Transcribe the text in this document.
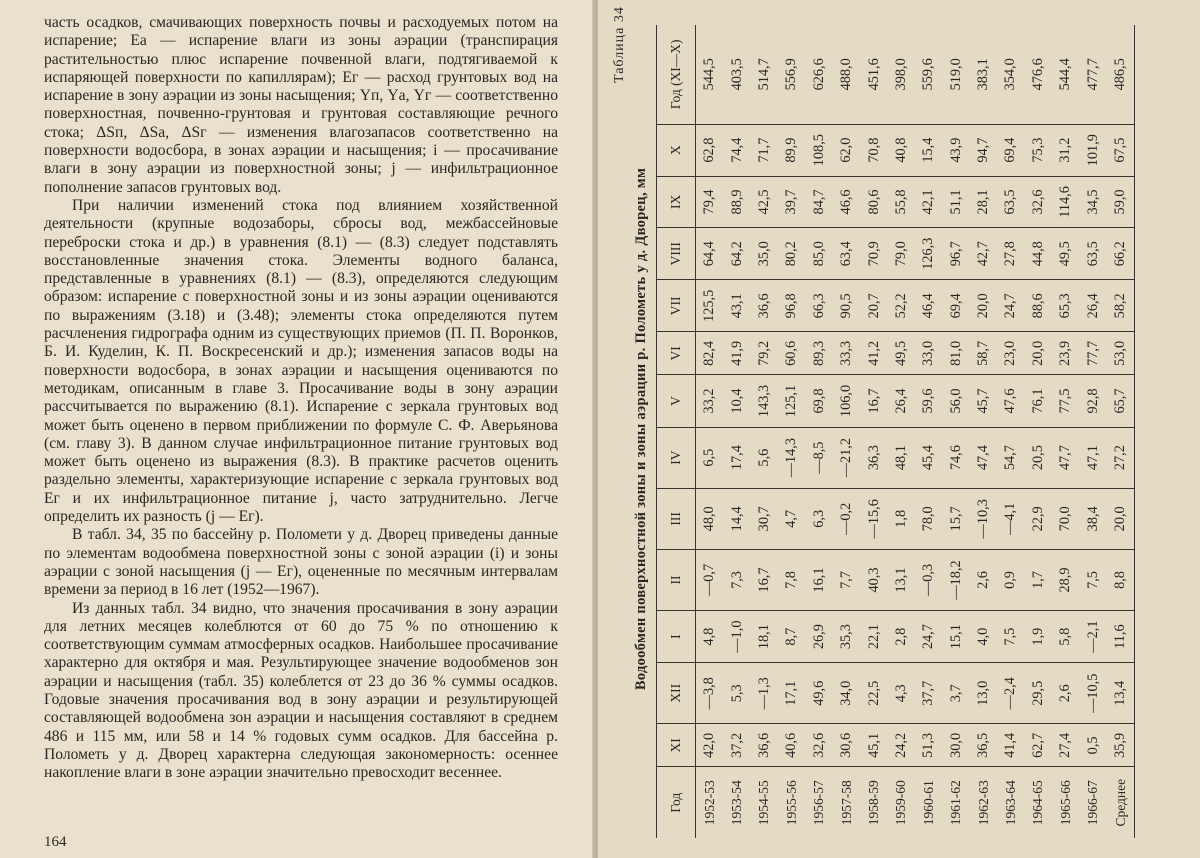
часть осадков, смачивающих поверхность почвы и расходуемых потом на испарение; Eа — испарение влаги из зоны аэрации (транспирация растительностью плюс испарение почвенной влаги, подтягиваемой к испаряющей поверхности по капиллярам); Eг — расход грунтовых вод на испарение в зону аэрации из зоны насыщения; Yп, Yа, Yг — соответственно поверхностная, почвенно-грунтовая и грунтовая составляющие речного стока; ΔSп, ΔSа, ΔSг — изменения влагозапасов соответственно на поверхности водосбора, в зонах аэрации и насыщения; i — просачивание влаги в зону аэрации из поверхностной зоны; j — инфильтрационное пополнение запасов грунтовых вод.

При наличии изменений стока под влиянием хозяйственной деятельности (крупные водозаборы, сбросы вод, межбассейновые переброски стока и др.) в уравнения (8.1) — (8.3) следует подставлять восстановленные значения стока. Элементы водного баланса, представленные в уравнениях (8.1) — (8.3), определяются следующим образом: испарение с поверхностной зоны и из зоны аэрации оцениваются по выражениям (3.18) и (3.48); элементы стока определяются путем расчленения гидрографа одним из существующих приемов (П. П. Воронков, Б. И. Куделин, К. П. Воскресенский и др.); изменения запасов воды на поверхности водосбора, в зонах аэрации и насыщения оцениваются по методикам, описанным в главе 3. Просачивание воды в зону аэрации рассчитывается по выражению (8.1). Испарение с зеркала грунтовых вод может быть оценено в первом приближении по формуле С. Ф. Аверьянова (см. главу 3). В данном случае инфильтрационное питание грунтовых вод может быть оценено из выражения (8.3). В практике расчетов оценить раздельно элементы, характеризующие испарение с зеркала грунтовых вод Eг и их инфильтрационное питание j, часто затруднительно. Легче определить их разность (j — Eг).

В табл. 34, 35 по бассейну р. Поломети у д. Дворец приведены данные по элементам водообмена поверхностной зоны с зоной аэрации (i) и зоны аэрации с зоной насыщения (j — Eг), оцененные по месячным интервалам времени за период в 16 лет (1952—1967).

Из данных табл. 34 видно, что значения просачивания в зону аэрации для летних месяцев колеблются от 60 до 75 % по отношению к соответствующим суммам атмосферных осадков. Наибольшее просачивание характерно для октября и мая. Результирующее значение водообменов зон аэрации и насыщения (табл. 35) колеблется от 23 до 36 % суммы осадков. Годовые значения просачивания вод в зону аэрации и результирующей составляющей водообмена зон аэрации и насыщения составляют в среднем 486 и 115 мм, или 58 и 14 % годовых сумм осадков. Для бассейна р. Полометь у д. Дворец характерна следующая закономерность: осеннее накопление влаги в зоне аэрации значительно превосходит весеннее.

164
Таблица 34
Водообмен поверхностной зоны и зоны аэрации р. Полометь у д. Дворец, мм
Год	XI	XII	I	II	III	IV	V	VI	VII	VIII	IX	X	Год (XI—X)
1952-53	42,0	—3,8	4,8	—0,7	48,0	6,5	33,2	82,4	125,5	64,4	79,4	62,8	544,5
1953-54	37,2	5,3	—1,0	7,3	14,4	17,4	10,4	41,9	43,1	64,2	88,9	74,4	403,5
1954-55	36,6	—1,3	18,1	16,7	30,7	5,6	143,3	79,2	36,6	35,0	42,5	71,7	514,7
1955-56	40,6	17,1	8,7	7,8	4,7	—14,3	125,1	60,6	96,8	80,2	39,7	89,9	556,9
1956-57	32,6	49,6	26,9	16,1	6,3	—8,5	69,8	89,3	66,3	85,0	84,7	108,5	626,6
1957-58	30,6	34,0	35,3	7,7	—0,2	—21,2	106,0	33,3	90,5	63,4	46,6	62,0	488,0
1958-59	45,1	22,5	22,1	40,3	—15,6	36,3	16,7	41,2	20,7	70,9	80,6	70,8	451,6
1959-60	24,2	4,3	2,8	13,1	1,8	48,1	26,4	49,5	52,2	79,0	55,8	40,8	398,0
1960-61	51,3	37,7	24,7	—0,3	78,0	45,4	59,6	33,0	46,4	126,3	42,1	15,4	559,6
1961-62	30,0	3,7	15,1	—18,2	15,7	74,6	56,0	81,0	69,4	96,7	51,1	43,9	519,0
1962-63	36,5	13,0	4,0	2,6	—10,3	47,4	45,7	58,7	20,0	42,7	28,1	94,7	383,1
1963-64	41,4	—2,4	7,5	0,9	—4,1	54,7	47,6	23,0	24,7	27,8	63,5	69,4	354,0
1964-65	62,7	29,5	1,9	1,7	22,9	20,5	76,1	20,0	88,6	44,8	32,6	75,3	476,6
1965-66	27,4	2,6	5,8	28,9	70,0	47,7	77,5	23,9	65,3	49,5	114,6	31,2	544,4
1966-67	0,5	—10,5	—2,1	7,5	38,4	47,1	92,8	77,7	26,4	63,5	34,5	101,9	477,7
Среднее	35,9	13,4	11,6	8,8	20,0	27,2	65,7	53,0	58,2	66,2	59,0	67,5	486,5
